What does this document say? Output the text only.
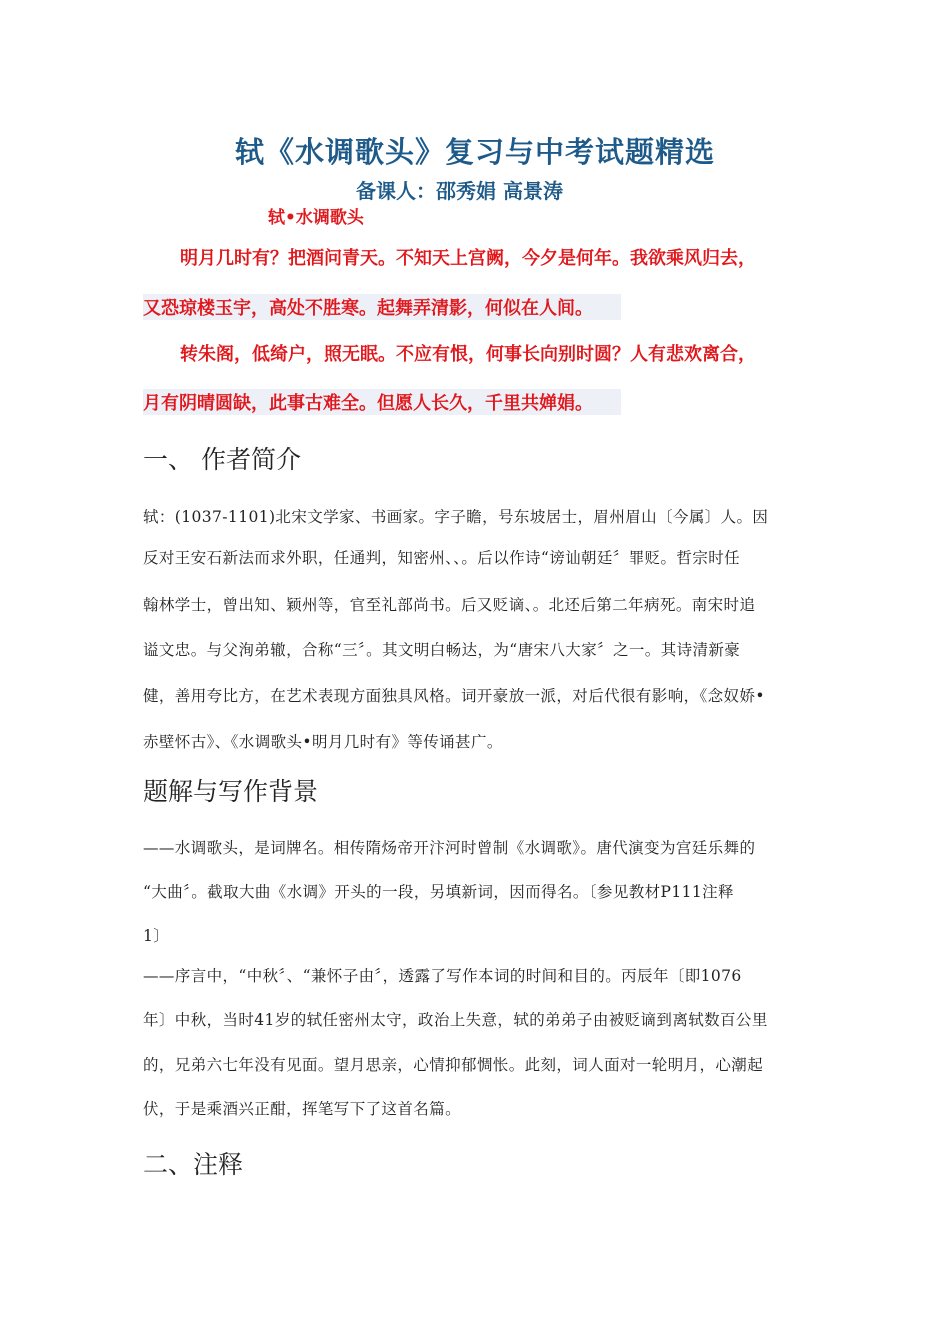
轼《水调歌头》复习与中考试题精选
备课人：邵秀娟 高景涛
轼•水调歌头
明月几时有？把酒问青天。不知天上宫阙，今夕是何年。我欲乘风归去，
又恐琼楼玉宇，高处不胜寒。起舞弄清影，何似在人间。
转朱阁，低绮户，照无眠。不应有恨，何事长向别时圆？人有悲欢离合，
月有阴晴圆缺，此事古难全。但愿人长久，千里共婵娟。
一、 作者简介
轼：(1037-1101)北宋文学家、书画家。字子瞻，号东坡居士，眉州眉山〔今属〕人。因
反对王安石新法而求外职，任通判，知密州、、。后以作诗“谤讪朝廷〞罪贬。哲宗时任
翰林学士，曾出知、颖州等，官至礼部尚书。后又贬谪、。北还后第二年病死。南宋时追
谥文忠。与父洵弟辙，合称“三〞。其文明白畅达，为“唐宋八大家〞之一。其诗清新豪
健，善用夸比方，在艺术表现方面独具风格。词开豪放一派，对后代很有影响，《念奴娇•
赤壁怀古》、《水调歌头•明月几时有》等传诵甚广。
题解与写作背景
——水调歌头，是词牌名。相传隋炀帝开汴河时曾制《水调歌》。唐代演变为宫廷乐舞的
“大曲〞。截取大曲《水调》开头的一段，另填新词，因而得名。〔参见教材P111注释
1〕
——序言中，“中秋〞、“兼怀子由〞，透露了写作本词的时间和目的。丙辰年〔即1076
年〕中秋，当时41岁的轼任密州太守，政治上失意，轼的弟弟子由被贬谪到离轼数百公里
的，兄弟六七年没有见面。望月思亲，心情抑郁惆怅。此刻，词人面对一轮明月，心潮起
伏，于是乘酒兴正酣，挥笔写下了这首名篇。
二、注释
